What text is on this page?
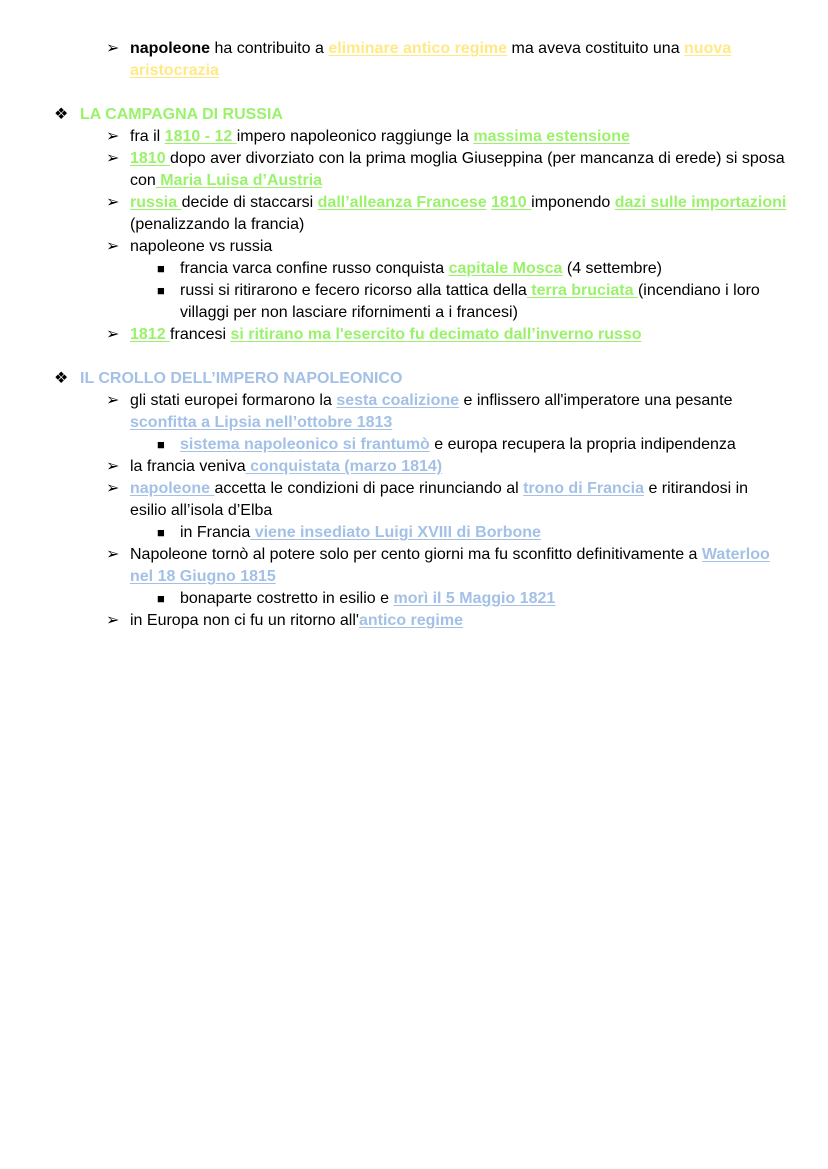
➢ napoleone ha contribuito a eliminare antico regime ma aveva costituito una nuova aristocrazia
❖ LA CAMPAGNA DI RUSSIA
➢ fra il 1810 - 12 impero napoleonico raggiunge la massima estensione
➢ 1810 dopo aver divorziato con la prima moglia Giuseppina (per mancanza di erede) si sposa con Maria Luisa d’Austria
➢ russia decide di staccarsi dall’alleanza Francese 1810 imponendo dazi sulle importazioni (penalizzando la francia)
➢ napoleone vs russia
■ francia varca confine russo conquista capitale Mosca (4 settembre)
■ russi si ritirarono e fecero ricorso alla tattica della terra bruciata (incendiano i loro villaggi per non lasciare rifornimenti a i francesi)
➢ 1812 francesi si ritirano ma l'esercito fu decimato dall’inverno russo
❖ IL CROLLO DELL’IMPERO NAPOLEONICO
➢ gli stati europei formarono la sesta coalizione e inflissero all'imperatore una pesante sconfitta a Lipsia nell’ottobre 1813
■ sistema napoleonico si frantumò e europa recupera la propria indipendenza
➢ la francia veniva conquistata (marzo 1814)
➢ napoleone accetta le condizioni di pace rinunciando al trono di Francia e ritirandosi in esilio all’isola d’Elba
■ in Francia viene insediato Luigi XVIII di Borbone
➢ Napoleone tornò al potere solo per cento giorni ma fu sconfitto definitivamente a Waterloo nel 18 Giugno 1815
■ bonaparte costretto in esilio e morì il 5 Maggio 1821
➢ in Europa non ci fu un ritorno all'antico regime
